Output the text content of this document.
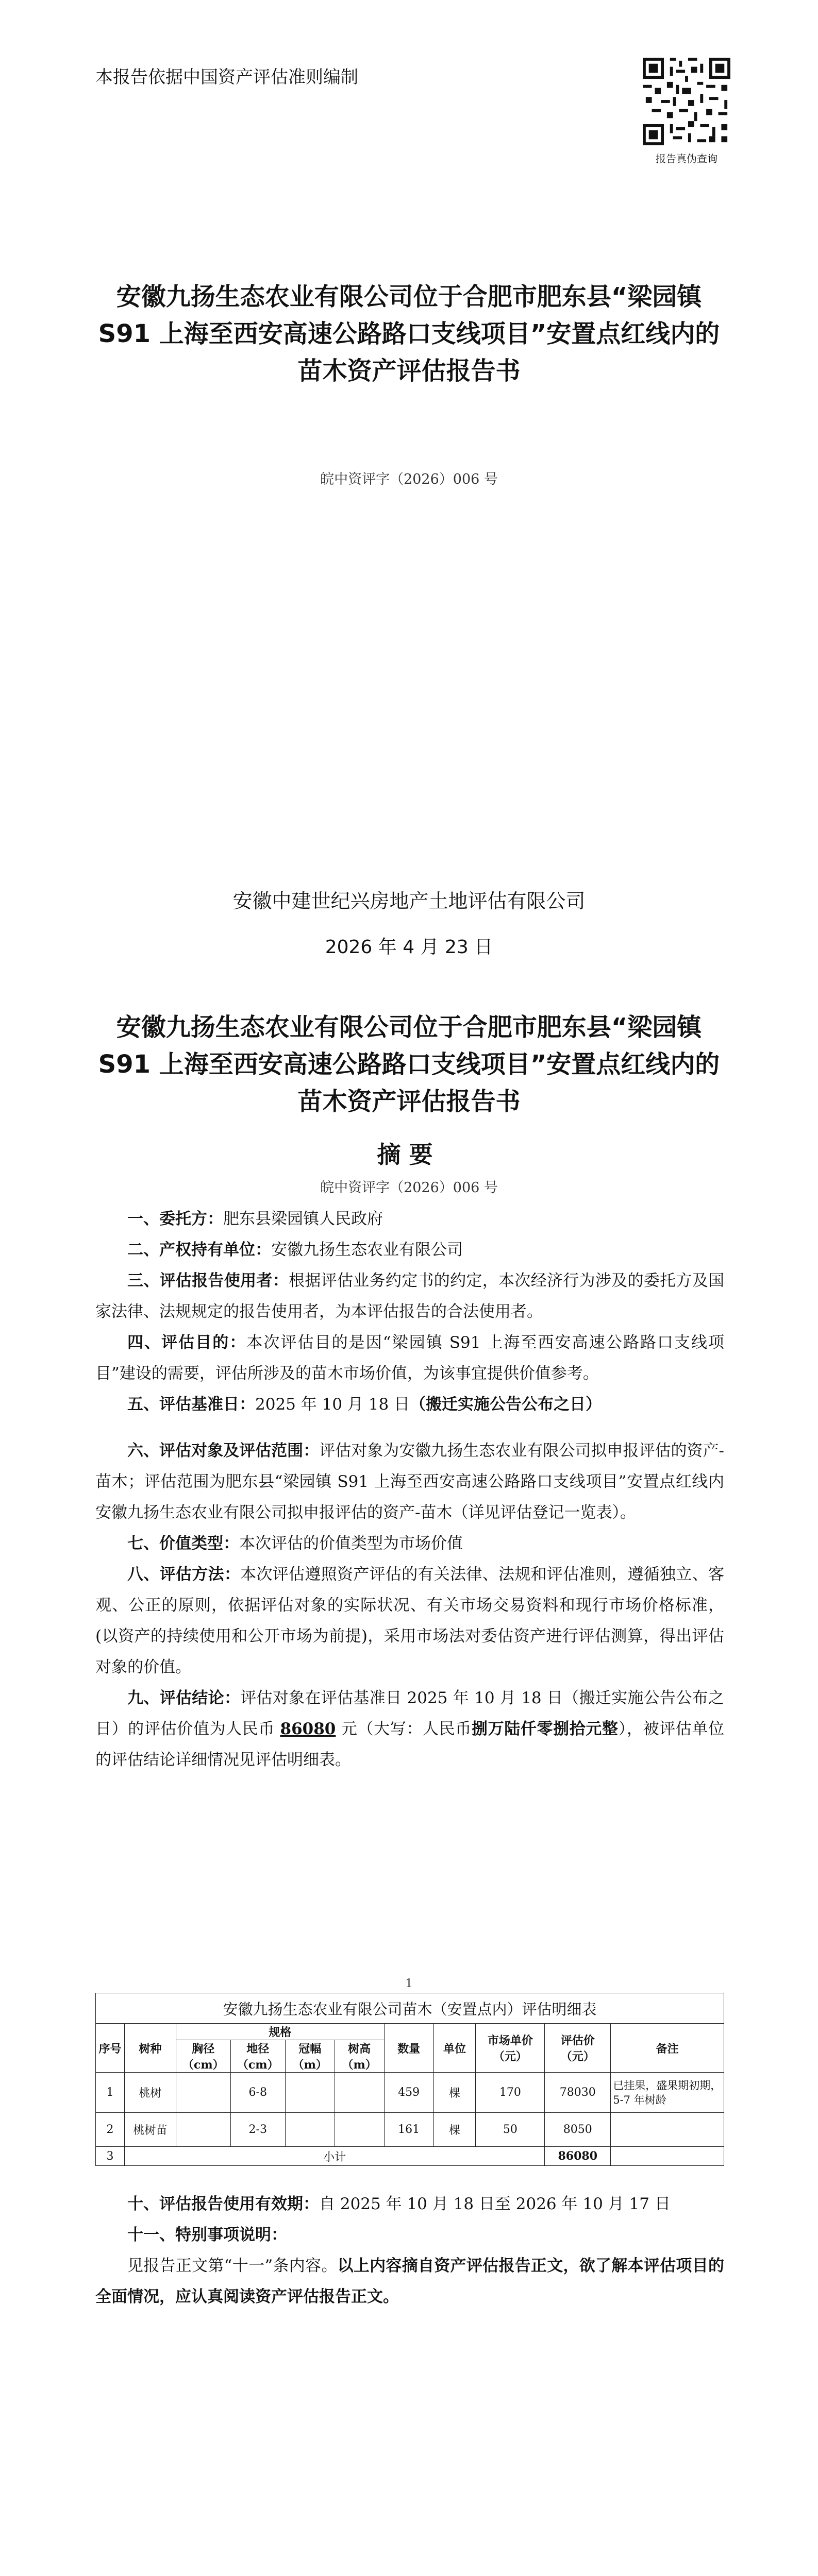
本报告依据中国资产评估准则编制
报告真伪查询
安徽九扬生态农业有限公司位于合肥市肥东县“梁园镇
S91 上海至西安高速公路路口支线项目”安置点红线内的
苗木资产评估报告书
皖中资评字（2026）006 号
安徽中建世纪兴房地产土地评估有限公司
2026 年 4 月 23 日
安徽九扬生态农业有限公司位于合肥市肥东县“梁园镇
S91 上海至西安高速公路路口支线项目”安置点红线内的
苗木资产评估报告书
摘要
皖中资评字（2026）006 号

一、委托方：肥东县梁园镇人民政府

二、产权持有单位：安徽九扬生态农业有限公司

三、评估报告使用者：根据评估业务约定书的约定，本次经济行为涉及的委托方及国家法律、法规规定的报告使用者，为本评估报告的合法使用者。

四、评估目的：本次评估目的是因“梁园镇 S91 上海至西安高速公路路口支线项目”建设的需要，评估所涉及的苗木市场价值，为该事宜提供价值参考。

五、评估基准日：2025 年 10 月 18 日（搬迁实施公告公布之日）

六、评估对象及评估范围：评估对象为安徽九扬生态农业有限公司拟申报评估的资产-苗木；评估范围为肥东县“梁园镇 S91 上海至西安高速公路路口支线项目”安置点红线内安徽九扬生态农业有限公司拟申报评估的资产-苗木（详见评估登记一览表）。

七、价值类型：本次评估的价值类型为市场价值

八、评估方法：本次评估遵照资产评估的有关法律、法规和评估准则，遵循独立、客观、公正的原则，依据评估对象的实际状况、有关市场交易资料和现行市场价格标准，(以资产的持续使用和公开市场为前提)，采用市场法对委估资产进行评估测算，得出评估对象的价值。

九、评估结论：评估对象在评估基准日 2025 年 10 月 18 日（搬迁实施公告公布之日）的评估价值为人民币 86080 元（大写：人民币捌万陆仟零捌拾元整），被评估单位的评估结论详细情况见评估明细表。

1
安徽九扬生态农业有限公司苗木（安置点内）评估明细表										
序号	树种	规格				数量	单位	市场单价（元）	评估价（元）	备注
		胸径（cm）	地径（cm）	冠幅（m）	树高（m）					
1	桃树		6-8			459	棵	170	78030	已挂果，盛果期初期，5-7 年树龄
2	桃树苗		2-3			161	棵	50	8050	
3	小计								86080	

十、评估报告使用有效期：自 2025 年 10 月 18 日至 2026 年 10 月 17 日

十一、特别事项说明：

见报告正文第“十一”条内容。以上内容摘自资产评估报告正文，欲了解本评估项目的全面情况，应认真阅读资产评估报告正文。
